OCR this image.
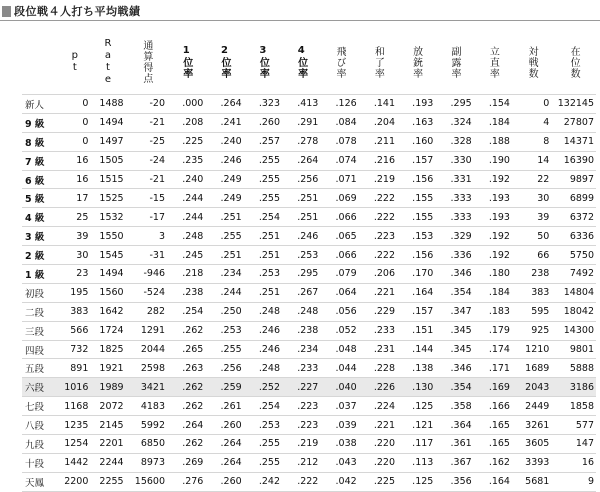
段位戦４人打ち平均戦績
	pt	Rate	通算得点	1位率	2位率	3位率	4位率	飛び率	和了率	放銃率	副露率	立直率	対戦数	在位数
新人	0	1488	-20	.000	.264	.323	.413	.126	.141	.193	.295	.154	0	132145
9 級	0	1494	-21	.208	.241	.260	.291	.084	.204	.163	.324	.184	4	27807
8 級	0	1497	-25	.225	.240	.257	.278	.078	.211	.160	.328	.188	8	14371
7 級	16	1505	-24	.235	.246	.255	.264	.074	.216	.157	.330	.190	14	16390
6 級	16	1515	-21	.240	.249	.255	.256	.071	.219	.156	.331	.192	22	9897
5 級	17	1525	-15	.244	.249	.255	.251	.069	.222	.155	.333	.193	30	6899
4 級	25	1532	-17	.244	.251	.254	.251	.066	.222	.155	.333	.193	39	6372
3 級	39	1550	3	.248	.255	.251	.246	.065	.223	.153	.329	.192	50	6336
2 級	30	1545	-31	.245	.251	.251	.253	.066	.222	.156	.336	.192	66	5750
1 級	23	1494	-946	.218	.234	.253	.295	.079	.206	.170	.346	.180	238	7492
初段	195	1560	-524	.238	.244	.251	.267	.064	.221	.164	.354	.184	383	14804
二段	383	1642	282	.254	.250	.248	.248	.056	.229	.157	.347	.183	595	18042
三段	566	1724	1291	.262	.253	.246	.238	.052	.233	.151	.345	.179	925	14300
四段	732	1825	2044	.265	.255	.246	.234	.048	.231	.144	.345	.174	1210	9801
五段	891	1921	2598	.263	.256	.248	.233	.044	.228	.138	.346	.171	1689	5888
六段	1016	1989	3421	.262	.259	.252	.227	.040	.226	.130	.354	.169	2043	3186
七段	1168	2072	4183	.262	.261	.254	.223	.037	.224	.125	.358	.166	2449	1858
八段	1235	2145	5992	.264	.260	.253	.223	.039	.221	.121	.364	.165	3261	577
九段	1254	2201	6850	.262	.264	.255	.219	.038	.220	.117	.361	.165	3605	147
十段	1442	2244	8973	.269	.264	.255	.212	.043	.220	.113	.367	.162	3393	16
天鳳	2200	2255	15600	.276	.260	.242	.222	.042	.225	.125	.356	.164	5681	9
